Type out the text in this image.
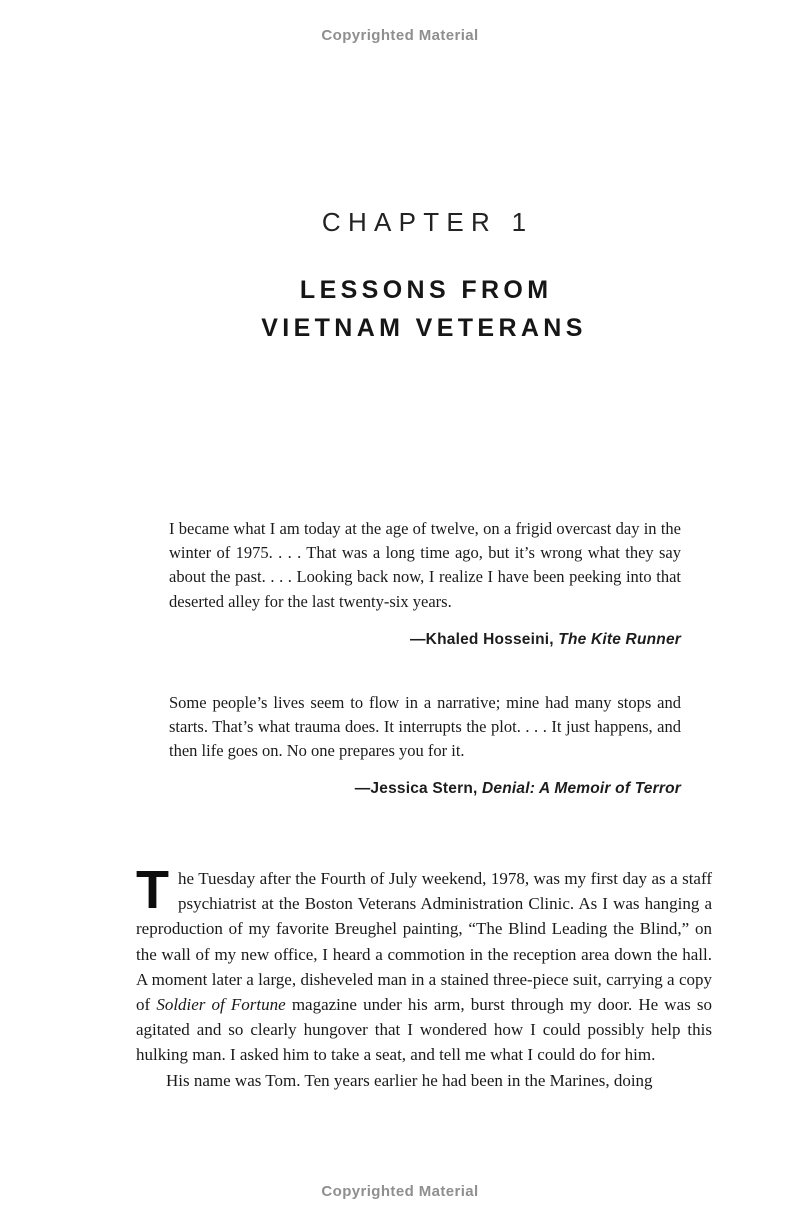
Copyrighted Material
CHAPTER 1
LESSONS FROM
VIETNAM VETERANS

I became what I am today at the age of twelve, on a frigid overcast day in the winter of 1975. . . . That was a long time ago, but it’s wrong what they say about the past. . . . Looking back now, I realize I have been peeking into that deserted alley for the last twenty-six years.

—Khaled Hosseini, The Kite Runner

Some people’s lives seem to flow in a narrative; mine had many stops and starts. That’s what trauma does. It interrupts the plot. . . . It just happens, and then life goes on. No one prepares you for it.

—Jessica Stern, Denial: A Memoir of Terror

The Tuesday after the Fourth of July weekend, 1978, was my first day as a staff psychiatrist at the Boston Veterans Administration Clinic. As I was hanging a reproduction of my favorite Breughel painting, “The Blind Leading the Blind,” on the wall of my new office, I heard a commotion in the reception area down the hall. A moment later a large, disheveled man in a stained three-piece suit, carrying a copy of Soldier of Fortune magazine under his arm, burst through my door. He was so agitated and so clearly hungover that I wondered how I could possibly help this hulking man. I asked him to take a seat, and tell me what I could do for him.

His name was Tom. Ten years earlier he had been in the Marines, doing

Copyrighted Material
